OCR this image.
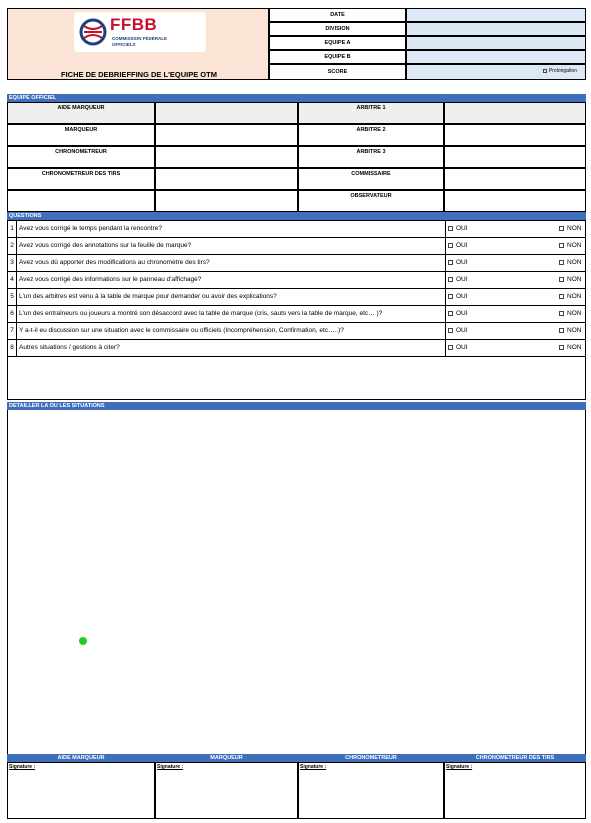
FFBB
COMMISSION FÉDÉRALE
OFFICIELS
FICHE DE DEBRIEFFING DE L'EQUIPE OTM
DATE
DIVISION
EQUIPE A
EQUIPE B
SCORE	Prolongation
EQUIPE OFFICIEL
AIDE MARQUEUR	ARBITRE 1
MARQUEUR	ARBITRE 2
CHRONOMETREUR	ARBITRE 3
CHRONOMETREUR DES TIRS	COMMISSAIRE
OBSERVATEUR
QUESTIONS
1 Avez vous corrigé le temps pendant la rencontre?	OUI	NON
2 Avez vous corrigé des annotations sur la feuille de marque?	OUI	NON
3 Avez vous dû apporter des modifications au chronomètre des tirs?	OUI	NON
4 Avez vous corrigé des informations sur le panneau d'affichage?	OUI	NON
5 L'un des arbitres est venu à la table de marque pour demander ou avoir des explications?	OUI	NON
6 L'un des entraîneurs ou joueurs a montré son désaccord avec la table de marque (cris, sauts vers la table de marque, etc… )?	OUI	NON
7 Y a-t-il eu discussion sur une situation avec le commissaire ou officiels (Incompréhension, Confirmation, etc…..)?	OUI	NON
8 Autres situations / gestions à citer?	OUI	NON
DETAILLER LA OU LES SITUATIONS
AIDE MARQUEUR	MARQUEUR	CHRONOMETREUR	CHRONOMETREUR DES TIRS
Signature :	Signature :	Signature :	Signature :
